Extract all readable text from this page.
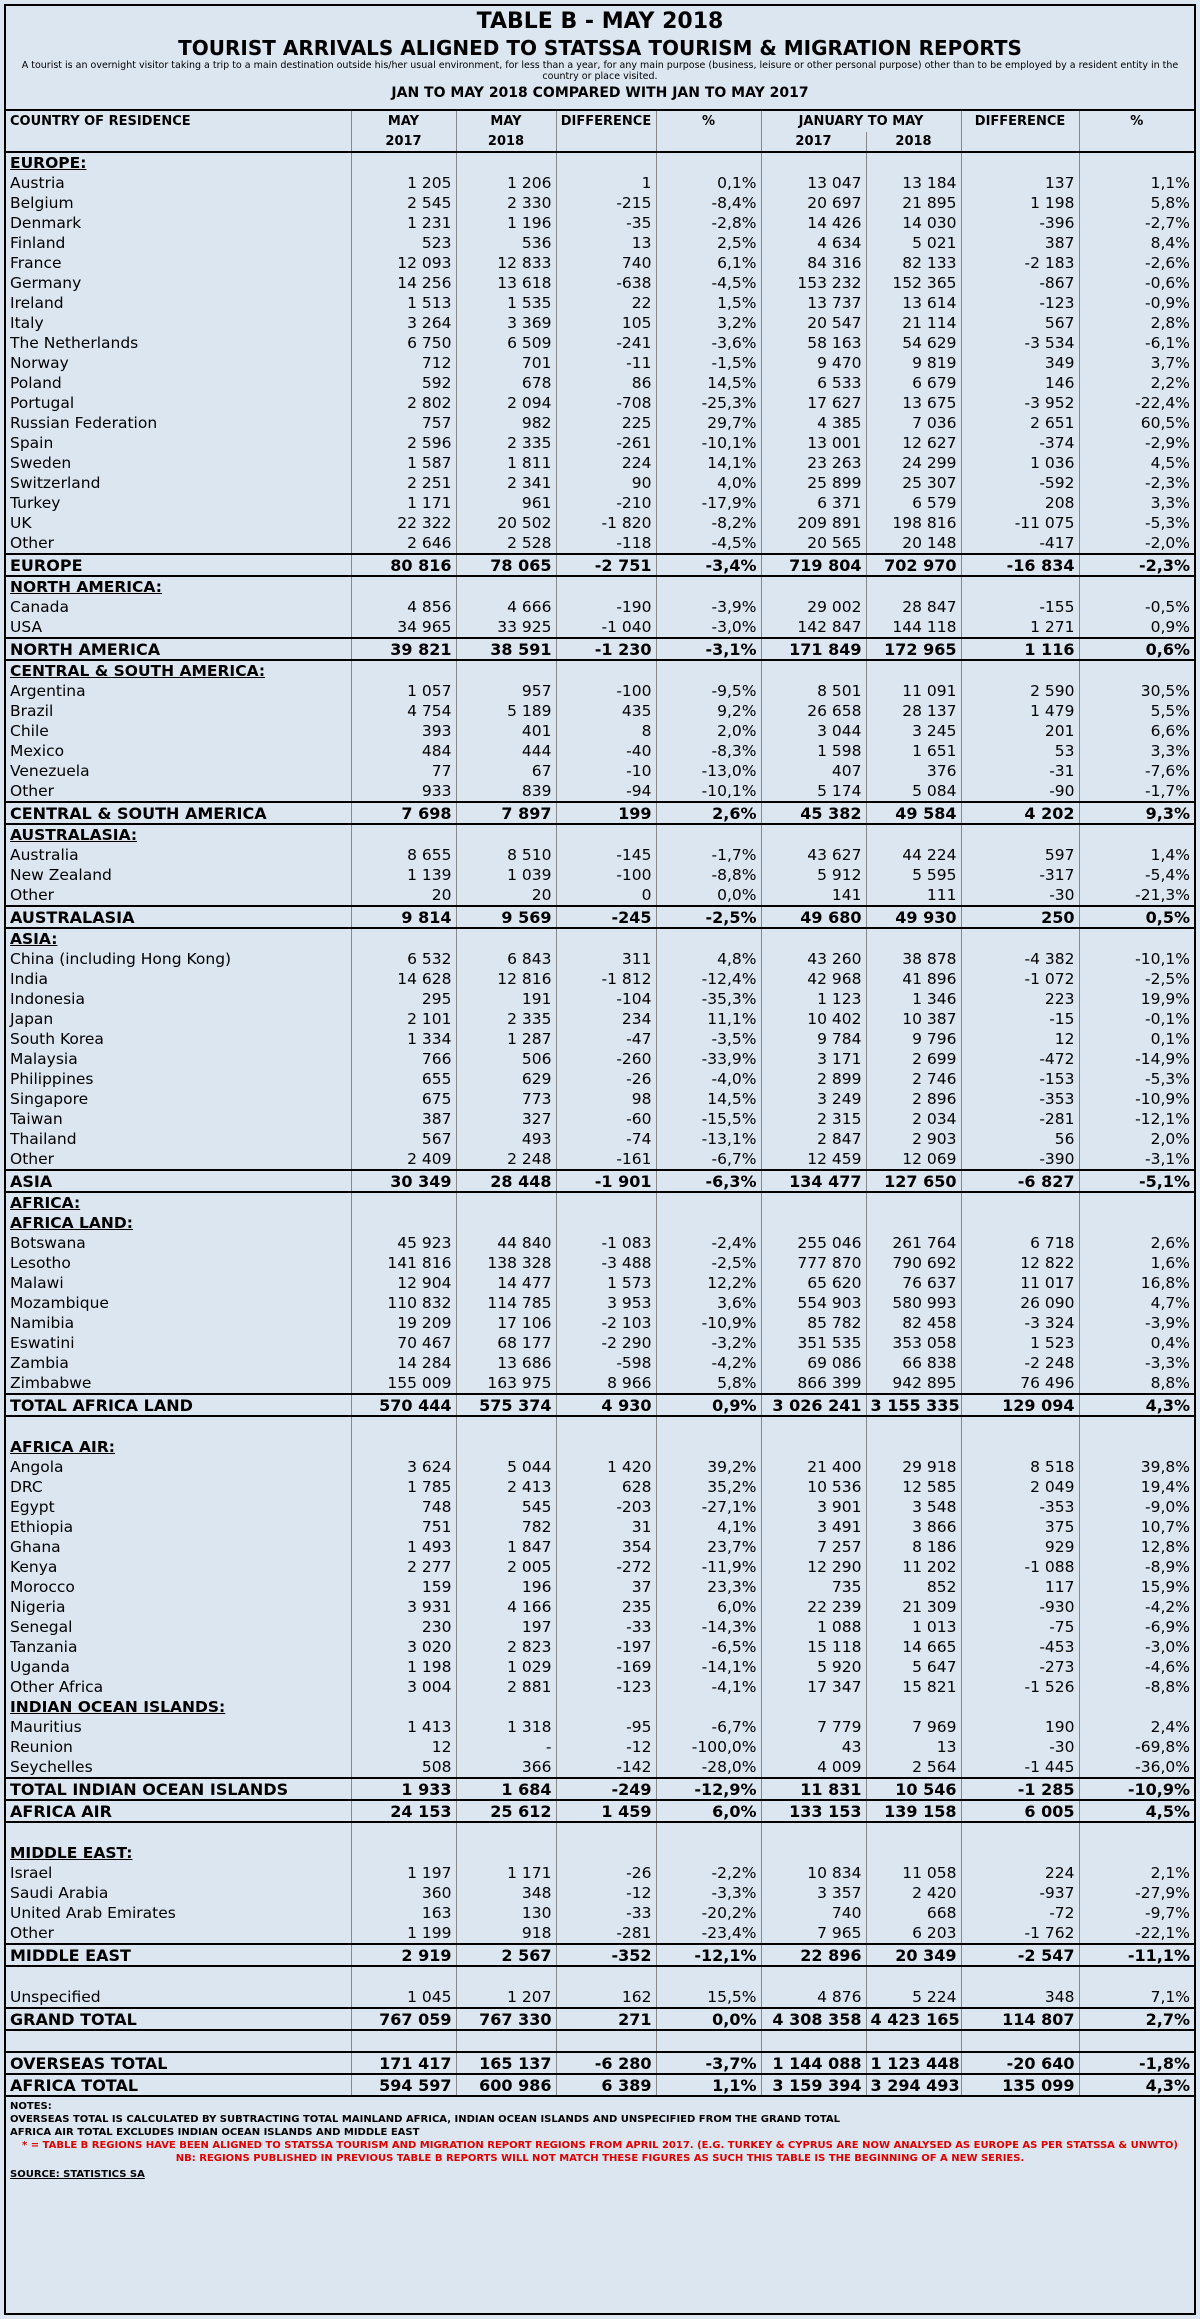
TABLE B - MAY 2018
TOURIST ARRIVALS ALIGNED TO STATSSA TOURISM & MIGRATION REPORTS
A tourist is an overnight visitor taking a trip to a main destination outside his/her usual environment, for less than a year, for any main purpose (business, leisure or other personal purpose) other than to be employed by a resident entity in the country or place visited.
JAN TO MAY 2018 COMPARED WITH JAN TO MAY 2017
COUNTRY OF RESIDENCE	MAY	MAY	DIFFERENCE	%	JANUARY TO MAY		DIFFERENCE	%
	2017	2018			2017	2018		
EUROPE:								
Austria	1 205	1 206	1	0,1%	13 047	13 184	137	1,1%
Belgium	2 545	2 330	-215	-8,4%	20 697	21 895	1 198	5,8%
Denmark	1 231	1 196	-35	-2,8%	14 426	14 030	-396	-2,7%
Finland	523	536	13	2,5%	4 634	5 021	387	8,4%
France	12 093	12 833	740	6,1%	84 316	82 133	-2 183	-2,6%
Germany	14 256	13 618	-638	-4,5%	153 232	152 365	-867	-0,6%
Ireland	1 513	1 535	22	1,5%	13 737	13 614	-123	-0,9%
Italy	3 264	3 369	105	3,2%	20 547	21 114	567	2,8%
The Netherlands	6 750	6 509	-241	-3,6%	58 163	54 629	-3 534	-6,1%
Norway	712	701	-11	-1,5%	9 470	9 819	349	3,7%
Poland	592	678	86	14,5%	6 533	6 679	146	2,2%
Portugal	2 802	2 094	-708	-25,3%	17 627	13 675	-3 952	-22,4%
Russian Federation	757	982	225	29,7%	4 385	7 036	2 651	60,5%
Spain	2 596	2 335	-261	-10,1%	13 001	12 627	-374	-2,9%
Sweden	1 587	1 811	224	14,1%	23 263	24 299	1 036	4,5%
Switzerland	2 251	2 341	90	4,0%	25 899	25 307	-592	-2,3%
Turkey	1 171	961	-210	-17,9%	6 371	6 579	208	3,3%
UK	22 322	20 502	-1 820	-8,2%	209 891	198 816	-11 075	-5,3%
Other	2 646	2 528	-118	-4,5%	20 565	20 148	-417	-2,0%
EUROPE	80 816	78 065	-2 751	-3,4%	719 804	702 970	-16 834	-2,3%
NORTH AMERICA:								
Canada	4 856	4 666	-190	-3,9%	29 002	28 847	-155	-0,5%
USA	34 965	33 925	-1 040	-3,0%	142 847	144 118	1 271	0,9%
NORTH AMERICA	39 821	38 591	-1 230	-3,1%	171 849	172 965	1 116	0,6%
CENTRAL & SOUTH AMERICA:								
Argentina	1 057	957	-100	-9,5%	8 501	11 091	2 590	30,5%
Brazil	4 754	5 189	435	9,2%	26 658	28 137	1 479	5,5%
Chile	393	401	8	2,0%	3 044	3 245	201	6,6%
Mexico	484	444	-40	-8,3%	1 598	1 651	53	3,3%
Venezuela	77	67	-10	-13,0%	407	376	-31	-7,6%
Other	933	839	-94	-10,1%	5 174	5 084	-90	-1,7%
CENTRAL & SOUTH AMERICA	7 698	7 897	199	2,6%	45 382	49 584	4 202	9,3%
AUSTRALASIA:								
Australia	8 655	8 510	-145	-1,7%	43 627	44 224	597	1,4%
New Zealand	1 139	1 039	-100	-8,8%	5 912	5 595	-317	-5,4%
Other	20	20	0	0,0%	141	111	-30	-21,3%
AUSTRALASIA	9 814	9 569	-245	-2,5%	49 680	49 930	250	0,5%
ASIA:								
China (including Hong Kong)	6 532	6 843	311	4,8%	43 260	38 878	-4 382	-10,1%
India	14 628	12 816	-1 812	-12,4%	42 968	41 896	-1 072	-2,5%
Indonesia	295	191	-104	-35,3%	1 123	1 346	223	19,9%
Japan	2 101	2 335	234	11,1%	10 402	10 387	-15	-0,1%
South Korea	1 334	1 287	-47	-3,5%	9 784	9 796	12	0,1%
Malaysia	766	506	-260	-33,9%	3 171	2 699	-472	-14,9%
Philippines	655	629	-26	-4,0%	2 899	2 746	-153	-5,3%
Singapore	675	773	98	14,5%	3 249	2 896	-353	-10,9%
Taiwan	387	327	-60	-15,5%	2 315	2 034	-281	-12,1%
Thailand	567	493	-74	-13,1%	2 847	2 903	56	2,0%
Other	2 409	2 248	-161	-6,7%	12 459	12 069	-390	-3,1%
ASIA	30 349	28 448	-1 901	-6,3%	134 477	127 650	-6 827	-5,1%
AFRICA:								
AFRICA LAND:								
Botswana	45 923	44 840	-1 083	-2,4%	255 046	261 764	6 718	2,6%
Lesotho	141 816	138 328	-3 488	-2,5%	777 870	790 692	12 822	1,6%
Malawi	12 904	14 477	1 573	12,2%	65 620	76 637	11 017	16,8%
Mozambique	110 832	114 785	3 953	3,6%	554 903	580 993	26 090	4,7%
Namibia	19 209	17 106	-2 103	-10,9%	85 782	82 458	-3 324	-3,9%
Eswatini	70 467	68 177	-2 290	-3,2%	351 535	353 058	1 523	0,4%
Zambia	14 284	13 686	-598	-4,2%	69 086	66 838	-2 248	-3,3%
Zimbabwe	155 009	163 975	8 966	5,8%	866 399	942 895	76 496	8,8%
TOTAL AFRICA LAND	570 444	575 374	4 930	0,9%	3 026 241	3 155 335	129 094	4,3%

AFRICA AIR:								
Angola	3 624	5 044	1 420	39,2%	21 400	29 918	8 518	39,8%
DRC	1 785	2 413	628	35,2%	10 536	12 585	2 049	19,4%
Egypt	748	545	-203	-27,1%	3 901	3 548	-353	-9,0%
Ethiopia	751	782	31	4,1%	3 491	3 866	375	10,7%
Ghana	1 493	1 847	354	23,7%	7 257	8 186	929	12,8%
Kenya	2 277	2 005	-272	-11,9%	12 290	11 202	-1 088	-8,9%
Morocco	159	196	37	23,3%	735	852	117	15,9%
Nigeria	3 931	4 166	235	6,0%	22 239	21 309	-930	-4,2%
Senegal	230	197	-33	-14,3%	1 088	1 013	-75	-6,9%
Tanzania	3 020	2 823	-197	-6,5%	15 118	14 665	-453	-3,0%
Uganda	1 198	1 029	-169	-14,1%	5 920	5 647	-273	-4,6%
Other Africa	3 004	2 881	-123	-4,1%	17 347	15 821	-1 526	-8,8%
INDIAN OCEAN ISLANDS:								
Mauritius	1 413	1 318	-95	-6,7%	7 779	7 969	190	2,4%
Reunion	12	-	-12	-100,0%	43	13	-30	-69,8%
Seychelles	508	366	-142	-28,0%	4 009	2 564	-1 445	-36,0%
TOTAL INDIAN OCEAN ISLANDS	1 933	1 684	-249	-12,9%	11 831	10 546	-1 285	-10,9%
AFRICA AIR	24 153	25 612	1 459	6,0%	133 153	139 158	6 005	4,5%

MIDDLE EAST:								
Israel	1 197	1 171	-26	-2,2%	10 834	11 058	224	2,1%
Saudi Arabia	360	348	-12	-3,3%	3 357	2 420	-937	-27,9%
United Arab Emirates	163	130	-33	-20,2%	740	668	-72	-9,7%
Other	1 199	918	-281	-23,4%	7 965	6 203	-1 762	-22,1%
MIDDLE EAST	2 919	2 567	-352	-12,1%	22 896	20 349	-2 547	-11,1%

Unspecified	1 045	1 207	162	15,5%	4 876	5 224	348	7,1%
GRAND TOTAL	767 059	767 330	271	0,0%	4 308 358	4 423 165	114 807	2,7%

OVERSEAS TOTAL	171 417	165 137	-6 280	-3,7%	1 144 088	1 123 448	-20 640	-1,8%
AFRICA TOTAL	594 597	600 986	6 389	1,1%	3 159 394	3 294 493	135 099	4,3%
NOTES:
OVERSEAS TOTAL IS CALCULATED BY SUBTRACTING TOTAL MAINLAND AFRICA, INDIAN OCEAN ISLANDS AND UNSPECIFIED FROM THE GRAND TOTAL
AFRICA AIR TOTAL EXCLUDES INDIAN OCEAN ISLANDS AND MIDDLE EAST
* = TABLE B REGIONS HAVE BEEN ALIGNED TO STATSSA TOURISM AND MIGRATION REPORT REGIONS FROM APRIL 2017. (E.G. TURKEY & CYPRUS ARE NOW ANALYSED AS EUROPE AS PER STATSSA & UNWTO)
NB: REGIONS PUBLISHED IN PREVIOUS TABLE B REPORTS WILL NOT MATCH THESE FIGURES AS SUCH THIS TABLE IS THE BEGINNING OF A NEW SERIES.
SOURCE: STATISTICS SA
